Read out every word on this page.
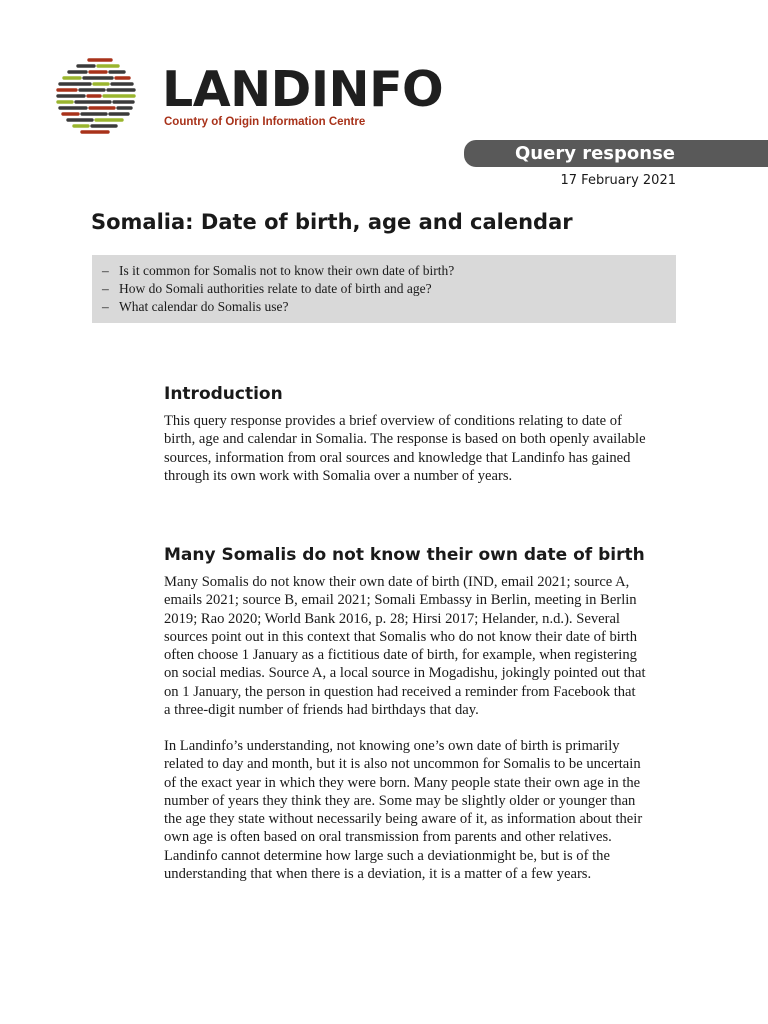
LANDINFO
Country of Origin Information Centre
Query response
17 February 2021
Somalia: Date of birth, age and calendar
– Is it common for Somalis not to know their own date of birth?
– How do Somali authorities relate to date of birth and age?
– What calendar do Somalis use?
Introduction

This query response provides a brief overview of conditions relating to date of
birth, age and calendar in Somalia. The response is based on both openly available
sources, information from oral sources and knowledge that Landinfo has gained
through its own work with Somalia over a number of years.

Many Somalis do not know their own date of birth

Many Somalis do not know their own date of birth (IND, email 2021; source A,
emails 2021; source B, email 2021; Somali Embassy in Berlin, meeting in Berlin
2019; Rao 2020; World Bank 2016, p. 28; Hirsi 2017; Helander, n.d.). Several
sources point out in this context that Somalis who do not know their date of birth
often choose 1 January as a fictitious date of birth, for example, when registering
on social medias. Source A, a local source in Mogadishu, jokingly pointed out that
on 1 January, the person in question had received a reminder from Facebook that
a three-digit number of friends had birthdays that day.

In Landinfo’s understanding, not knowing one’s own date of birth is primarily
related to day and month, but it is also not uncommon for Somalis to be uncertain
of the exact year in which they were born. Many people state their own age in the
number of years they think they are. Some may be slightly older or younger than
the age they state without necessarily being aware of it, as information about their
own age is often based on oral transmission from parents and other relatives.
Landinfo cannot determine how large such a deviationmight be, but is of the
understanding that when there is a deviation, it is a matter of a few years.
